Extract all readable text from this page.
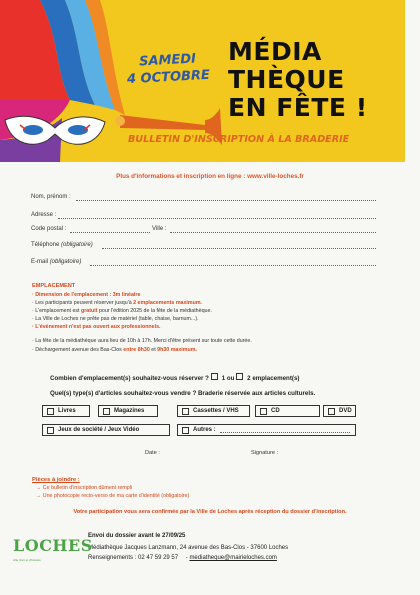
SAMEDI
4 OCTOBRE
MÉDIA
THÈQUE
EN FÊTE !
BULLETIN D'INSCRIPTION À LA BRADERIE
Plus d'informations et inscription en ligne : www.ville-loches.fr
Nom, prénom :
Adresse :
Code postal :	Ville :
Téléphone (obligatoire)
E-mail (obligatoire)
EMPLACEMENT
· Dimension de l'emplacement : 3m linéaire
· Les participants peuvent réserver jusqu'à 2 emplacements maximum.
· L'emplacement est gratuit pour l'édition 2025 de la fête de la médiathèque.
· La Ville de Loches ne prête pas de matériel (table, chaise, barnum...).
· L'évènement n'est pas ouvert aux professionnels.
· La fête de la médiathèque aura lieu de 10h à 17h. Merci d'être présent sur toute cette durée.
· Déchargement avenue des Bas-Clos entre 8h30 et 9h30 maximum.
Combien d'emplacement(s) souhaitez-vous réserver ? 1 ou 2 emplacement(s)
Quel(s) type(s) d'articles souhaitez-vous vendre ? Braderie réservée aux articles culturels.
Livres	Magazines	Cassettes / VHS	CD	DVD
Jeux de société / Jeux Vidéo	Autres :
Date :	Signature :
Pièces à joindre :
→ Ce bulletin d'inscription dûment rempli
→ Une photocopie recto-verso de ma carte d'identité (obligatoire)
Votre participation vous sera confirmée par la Ville de Loches après réception du dossier d'inscription.
Envoi du dossier avant le 27/09/25
Médiathèque Jacques Lanzmann, 24 avenue des Bas-Clos - 37600 Loches
Renseignements : 02 47 59 29 57 - mediatheque@mairieloches.com
LOCHES
ville d'art et d'histoire
